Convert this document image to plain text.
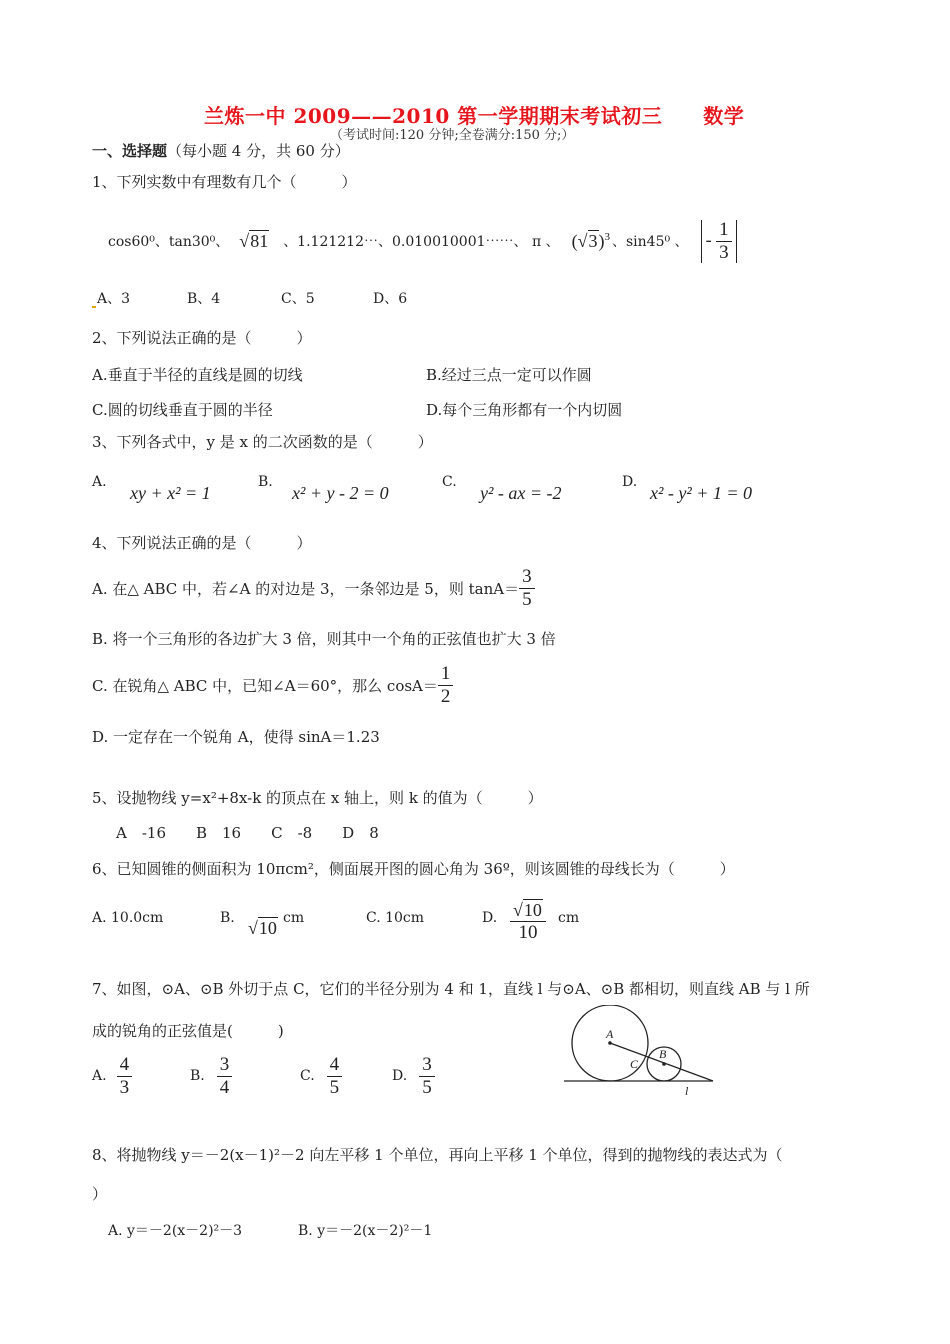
兰炼一中 2009——2010 第一学期期末考试初三　　数学
（考试时间:120 分钟;全卷满分:150 分;）
一、选择题（每小题 4 分，共 60 分）
1、下列实数中有理数有几个（　　　）
cos60⁰、tan30⁰、 √81 、1.121212⋯、0.010010001⋯⋯、 π 、 $(√3)^3$ 、sin45⁰ 、 - $\frac{1}{3}$
A、3	B、4	C、5	D、6
2、下列说法正确的是（　　　）
A.垂直于半径的直线是圆的切线	B.经过三点一定可以作圆
C.圆的切线垂直于圆的半径	D.每个三角形都有一个内切圆
3、下列各式中，y 是 x 的二次函数的是（　　　）
A.
xy + x² = 1
B.
x² + y - 2 = 0
C.
y² - ax = -2
D.
x² - y² + 1 = 0
4、下列说法正确的是（　　　）
A. 在△ ABC 中，若∠A 的对边是 3，一条邻边是 5，则 $\tan A= \frac{3}{5}$
B. 将一个三角形的各边扩大 3 倍，则其中一个角的正弦值也扩大 3 倍
C. 在锐角△ ABC 中，已知∠A＝60°，那么 $\cos A= \frac{1}{2}$
D. 一定存在一个锐角 A，使得 sinA＝1.23
5、设抛物线 y=x²+8x-k 的顶点在 x 轴上，则 k 的值为（　　　）
A　-16　　B　16　　C　-8　　D　8
6、已知圆锥的侧面积为 10πcm²，侧面展开图的圆心角为 36º，则该圆锥的母线长为（　　　）
A. 10.0cm	B. √10 cm	C. 10cm	D. $\frac{√10}{10}$ cm
7、如图，⊙A、⊙B 外切于点 C，它们的半径分别为 4 和 1，直线 l 与⊙A、⊙B 都相切，则直线 AB 与 l 所
成的锐角的正弦值是(　　　)
A. $\frac{4}{3}$	B. $\frac{3}{4}$	C. $\frac{4}{5}$	D. $\frac{3}{5}$
A
B
C
l
8、将抛物线 y＝－2(x－1)²－2 向左平移 1 个单位，再向上平移 1 个单位，得到的抛物线的表达式为（
）
A. y＝－2(x－2)²－3	B. y＝－2(x－2)²－1
